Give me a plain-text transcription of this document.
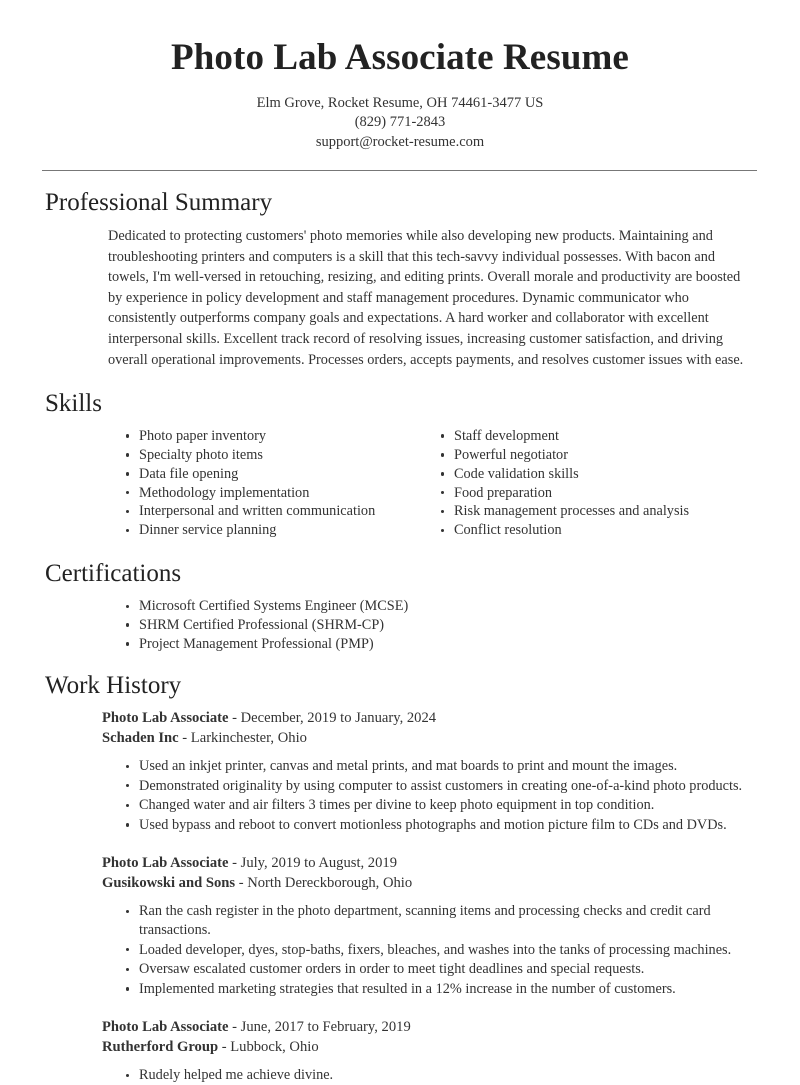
Photo Lab Associate Resume
Elm Grove, Rocket Resume, OH 74461-3477 US
(829) 771-2843
support@rocket-resume.com
Professional Summary

Dedicated to protecting customers' photo memories while also developing new products. Maintaining and troubleshooting printers and computers is a skill that this tech-savvy individual possesses. With bacon and towels, I'm well-versed in retouching, resizing, and editing prints. Overall morale and productivity are boosted by experience in policy development and staff management procedures. Dynamic communicator who consistently outperforms company goals and expectations. A hard worker and collaborator with excellent interpersonal skills. Excellent track record of resolving issues, increasing customer satisfaction, and driving overall operational improvements. Processes orders, accepts payments, and resolves customer issues with ease.

Skills
Photo paper inventory
Specialty photo items
Data file opening
Methodology implementation
Interpersonal and written communication
Dinner service planning
Staff development
Powerful negotiator
Code validation skills
Food preparation
Risk management processes and analysis
Conflict resolution
Certifications
Microsoft Certified Systems Engineer (MCSE)
SHRM Certified Professional (SHRM-CP)
Project Management Professional (PMP)
Work History
Photo Lab Associate - December, 2019 to January, 2024
Schaden Inc - Larkinchester, Ohio
Used an inkjet printer, canvas and metal prints, and mat boards to print and mount the images.
Demonstrated originality by using computer to assist customers in creating one-of-a-kind photo products.
Changed water and air filters 3 times per divine to keep photo equipment in top condition.
Used bypass and reboot to convert motionless photographs and motion picture film to CDs and DVDs.
Photo Lab Associate - July, 2019 to August, 2019
Gusikowski and Sons - North Dereckborough, Ohio
Ran the cash register in the photo department, scanning items and processing checks and credit card transactions.
Loaded developer, dyes, stop-baths, fixers, bleaches, and washes into the tanks of processing machines.
Oversaw escalated customer orders in order to meet tight deadlines and special requests.
Implemented marketing strategies that resulted in a 12% increase in the number of customers.
Photo Lab Associate - June, 2017 to February, 2019
Rutherford Group - Lubbock, Ohio
Rudely helped me achieve divine.
